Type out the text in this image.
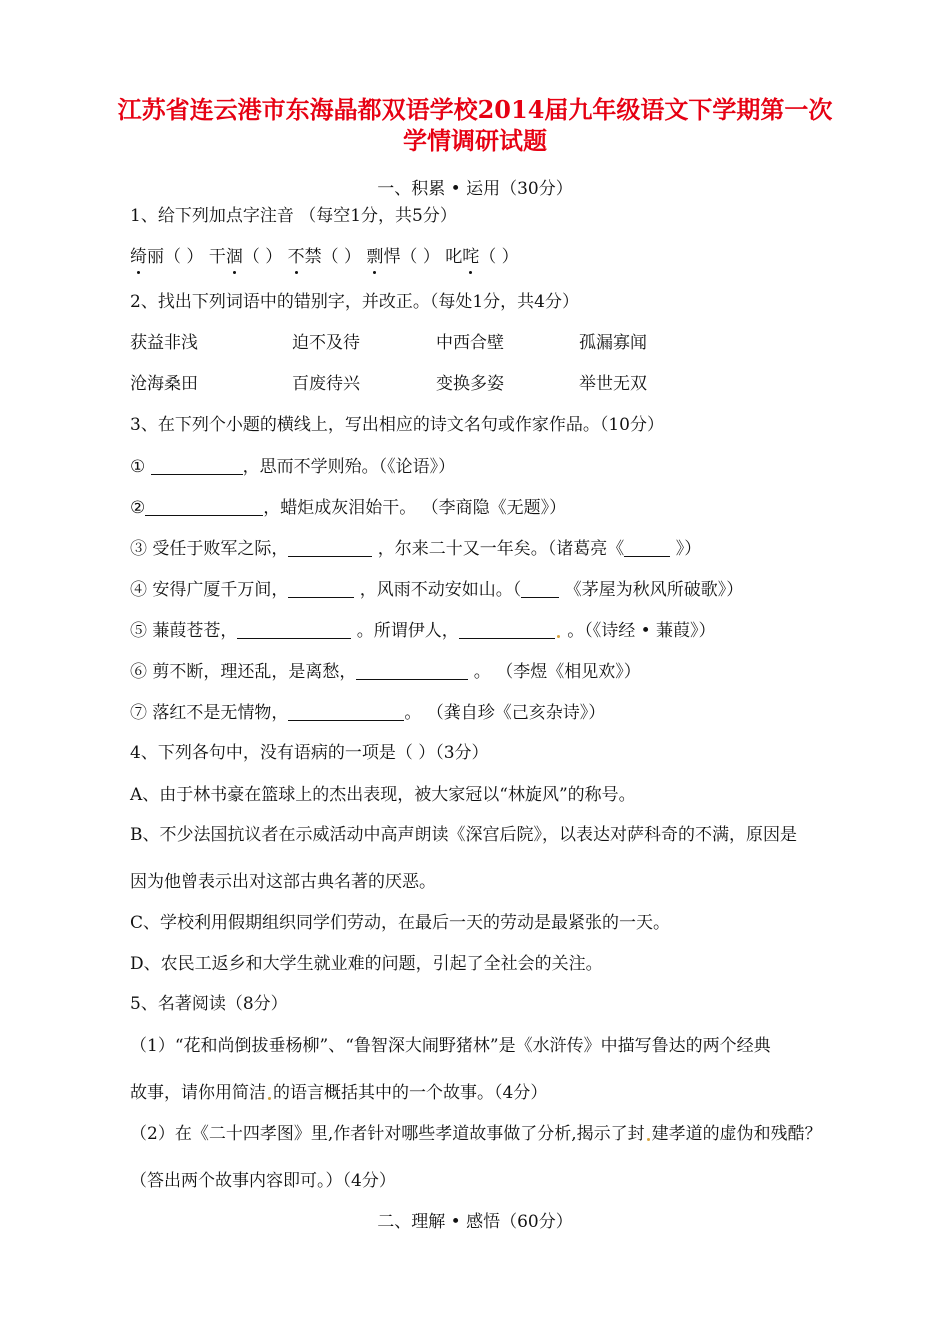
江苏省连云港市东海晶都双语学校2014届九年级语文下学期第一次
学情调研试题
一、积累 • 运用（30分）
1、给下列加点字注音 （每空1分，共5分）
绮丽（ ） 干涸（ ） 不禁（ ） 剽悍（ ） 叱咤（ ）
2、找出下列词语中的错别字，并改正。（每处1分，共4分）
获益非浅	迫不及待	中西合壁	孤漏寡闻
沧海桑田	百废待兴	变换多姿	举世无双
3、在下列个小题的横线上，写出相应的诗文名句或作家作品。（10分）
①	，思而不学则殆。（《论语》）
②	，蜡炬成灰泪始干。 （李商隐《无题》）
③ 受任于败军之际，	，尔来二十又一年矣。（诸葛亮《	》）
④ 安得广厦千万间，	，风雨不动安如山。（ 《茅屋为秋风所破歌》）
⑤ 蒹葭苍苍，	。所谓伊人，	。（《诗经 • 蒹葭》）
⑥ 剪不断，理还乱，是离愁，	。 （李煜《相见欢》）
⑦ 落红不是无情物，	。 （龚自珍《己亥杂诗》）
4、下列各句中，没有语病的一项是（ ）（3分）
A、由于林书豪在篮球上的杰出表现，被大家冠以“林旋风”的称号。
B、不少法国抗议者在示威活动中高声朗读《深宫后院》，以表达对萨科奇的不满，原因是
因为他曾表示出对这部古典名著的厌恶。
C、学校利用假期组织同学们劳动，在最后一天的劳动是最紧张的一天。
D、农民工返乡和大学生就业难的问题，引起了全社会的关注。
5、名著阅读（8分）
（1）“花和尚倒拔垂杨柳”、“鲁智深大闹野猪林”是《水浒传》中描写鲁达的两个经典
故事，请你用简洁 的语言概括其中的一个故事。（4分）
（2）在《二十四孝图》里,作者针对哪些孝道故事做了分析,揭示了封 建孝道的虚伪和残酷？
（答出两个故事内容即可。）（4分）
二、理解 • 感悟（60分）
